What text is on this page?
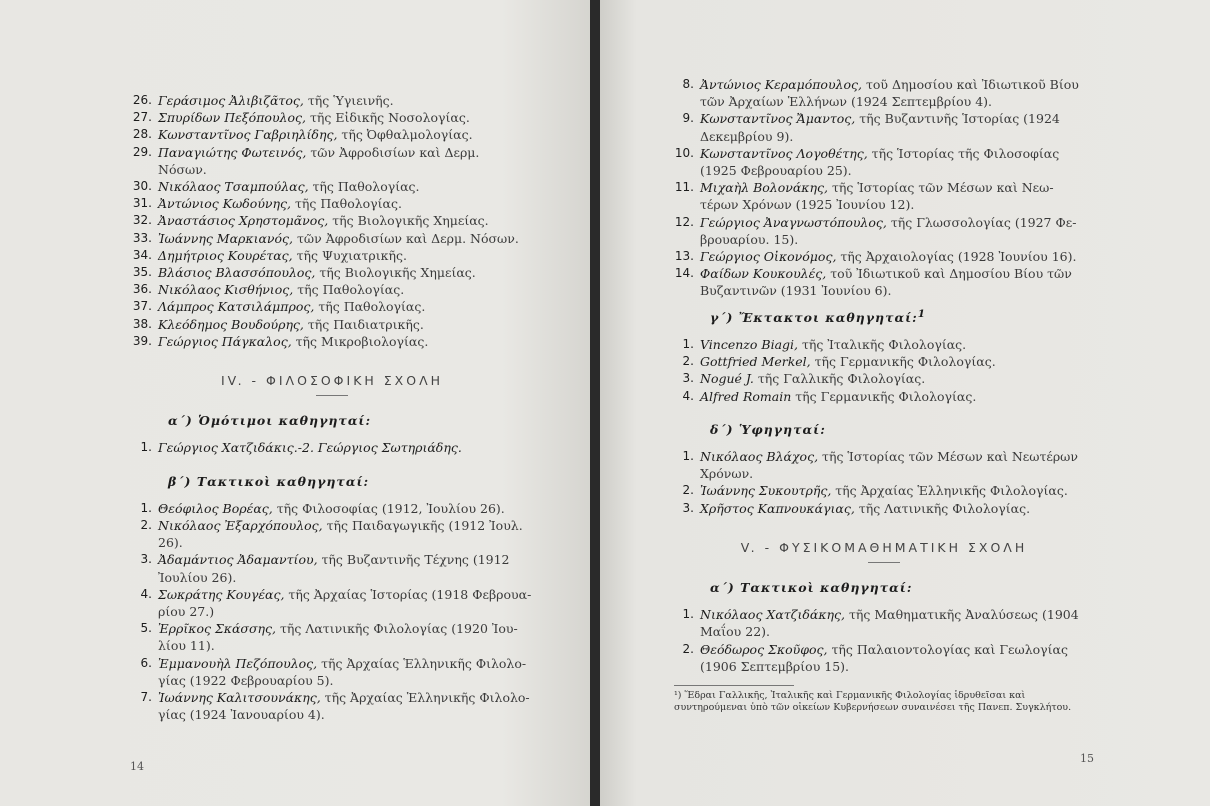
26. Γεράσιμος Ἀλιβιζᾶτος, τῆς Ὑγιεινῆς.
27. Σπυρίδων Πεξόπουλος, τῆς Εἰδικῆς Νοσολογίας.
28. Κωνσταντῖνος Γαβριηλίδης, τῆς Ὀφθαλμολογίας.
29. Παναγιώτης Φωτεινός, τῶν Ἀφροδισίων καὶ Δερμ. Νόσων.
30. Νικόλαος Τσαμπούλας, τῆς Παθολογίας.
31. Ἀντώνιος Κωδούνης, τῆς Παθολογίας.
32. Ἀναστάσιος Χρηστομᾶνος, τῆς Βιολογικῆς Χημείας.
33. Ἰωάννης Μαρκιανός, τῶν Ἀφροδισίων καὶ Δερμ. Νόσων.
34. Δημήτριος Κουρέτας, τῆς Ψυχιατρικῆς.
35. Βλάσιος Βλασσόπουλος, τῆς Βιολογικῆς Χημείας.
36. Νικόλαος Κισθήνιος, τῆς Παθολογίας.
37. Λάμπρος Κατσιλάμπρος, τῆς Παθολογίας.
38. Κλεόδημος Βουδούρης, τῆς Παιδιατρικῆς.
39. Γεώργιος Πάγκαλος, τῆς Μικροβιολογίας.
IV. - ΦΙΛΟΣΟΦΙΚΗ ΣΧΟΛΗ
α΄) Ὁμότιμοι καθηγηταί:
1. Γεώργιος Χατζιδάκις.-2. Γεώργιος Σωτηριάδης.
β΄) Τακτικοὶ καθηγηταί:
1. Θεόφιλος Βορέας, τῆς Φιλοσοφίας (1912, Ἰουλίου 26).
2. Νικόλαος Ἐξαρχόπουλος, τῆς Παιδαγωγικῆς (1912 Ἰουλ. 26).
3. Ἀδαμάντιος Ἀδαμαντίου, τῆς Βυζαντινῆς Τέχνης (1912
Ἰουλίου 26).
4. Σωκράτης Κουγέας, τῆς Ἀρχαίας Ἱστορίας (1918 Φεβρουα-
ρίου 27.)
5. Ἐρρῖκος Σκάσσης, τῆς Λατινικῆς Φιλολογίας (1920 Ἰου-
λίου 11).
6. Ἐμμανουὴλ Πεζόπουλος, τῆς Ἀρχαίας Ἑλληνικῆς Φιλολο-
γίας (1922 Φεβρουαρίου 5).
7. Ἰωάννης Καλιτσουνάκης, τῆς Ἀρχαίας Ἑλληνικῆς Φιλολο-
γίας (1924 Ἰανουαρίου 4).
14
8. Ἀντώνιος Κεραμόπουλος, τοῦ Δημοσίου καὶ Ἰδιωτικοῦ Βίου
τῶν Ἀρχαίων Ἑλλήνων (1924 Σεπτεμβρίου 4).
9. Κωνσταντῖνος Ἄμαντος, τῆς Βυζαντινῆς Ἱστορίας (1924
Δεκεμβρίου 9).
10. Κωνσταντῖνος Λογοθέτης, τῆς Ἱστορίας τῆς Φιλοσοφίας
(1925 Φεβρουαρίου 25).
11. Μιχαὴλ Βολονάκης, τῆς Ἱστορίας τῶν Μέσων καὶ Νεω-
τέρων Χρόνων (1925 Ἰουνίου 12).
12. Γεώργιος Ἀναγνωστόπουλος, τῆς Γλωσσολογίας (1927 Φε-
βρουαρίου. 15).
13. Γεώργιος Οἰκονόμος, τῆς Ἀρχαιολογίας (1928 Ἰουνίου 16).
14. Φαίδων Κουκουλές, τοῦ Ἰδιωτικοῦ καὶ Δημοσίου Βίου τῶν
Βυζαντινῶν (1931 Ἰουνίου 6).
γ΄) Ἔκτακτοι καθηγηταί:$^1$
1. Vincenzo Biagi, τῆς Ἰταλικῆς Φιλολογίας.
2. Gottfried Merkel, τῆς Γερμανικῆς Φιλολογίας.
3. Nogué J. τῆς Γαλλικῆς Φιλολογίας.
4. Alfred Romain τῆς Γερμανικῆς Φιλολογίας.
δ΄) Ὑφηγηταί:
1. Νικόλαος Βλάχος, τῆς Ἱστορίας τῶν Μέσων καὶ Νεωτέρων
Χρόνων.
2. Ἰωάννης Συκουτρῆς, τῆς Ἀρχαίας Ἑλληνικῆς Φιλολογίας.
3. Χρῆστος Καπνουκάγιας, τῆς Λατινικῆς Φιλολογίας.
V. - ΦΥΣΙΚΟΜΑΘΗΜΑΤΙΚΗ ΣΧΟΛΗ
α΄) Τακτικοὶ καθηγηταί:
1. Νικόλαος Χατζιδάκης, τῆς Μαθηματικῆς Ἀναλύσεως (1904
Μαΐου 22).
2. Θεόδωρος Σκοῦφος, τῆς Παλαιοντολογίας καὶ Γεωλογίας
(1906 Σεπτεμβρίου 15).
¹) Ἕδραι Γαλλικῆς, Ἰταλικῆς καὶ Γερμανικῆς Φιλολογίας ἱδρυθεῖσαι καὶ συντηρούμεναι ὑπὸ τῶν οἰκείων Κυβερνήσεων συναινέσει τῆς Πανεπ. Συγκλήτου.
15
